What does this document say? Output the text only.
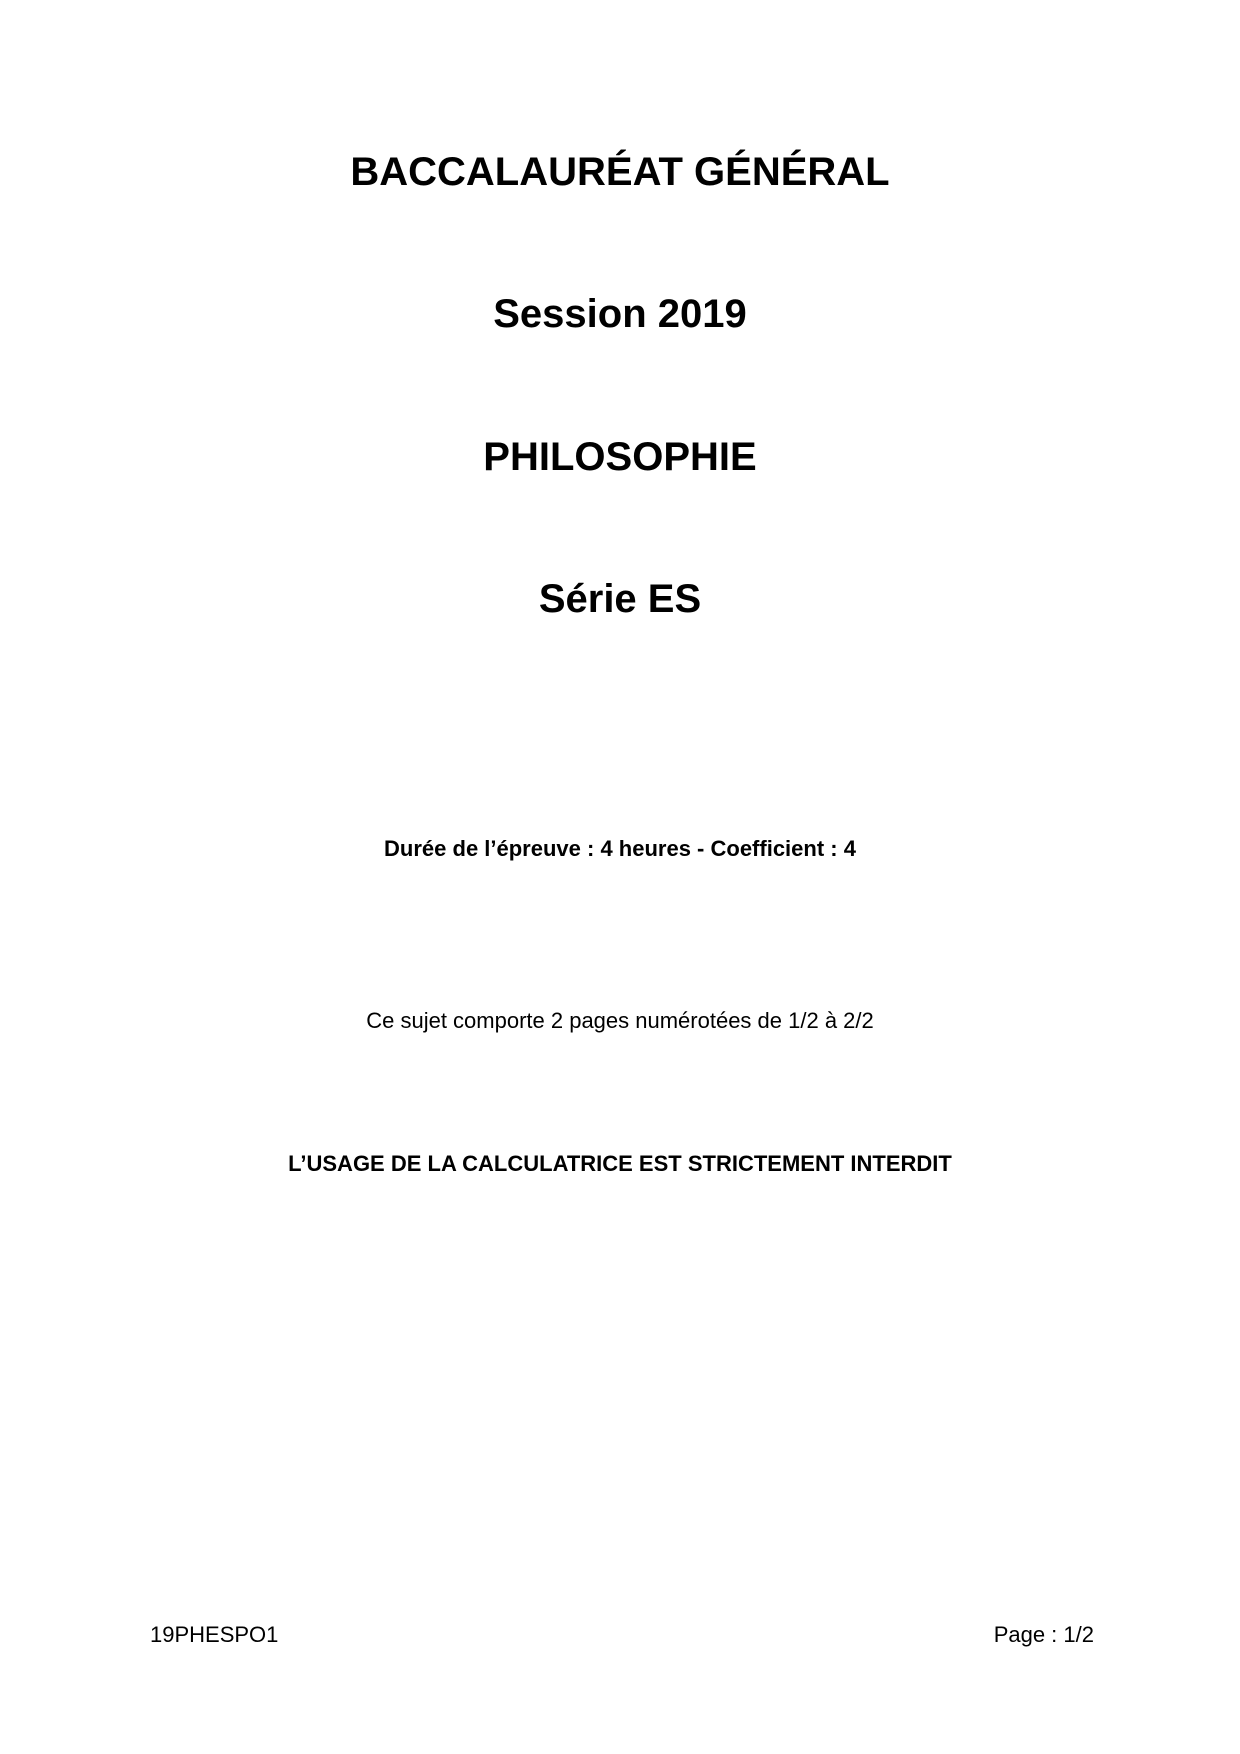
BACCALAURÉAT GÉNÉRAL
Session 2019
PHILOSOPHIE
Série ES
Durée de l’épreuve : 4 heures - Coefficient : 4
Ce sujet comporte 2 pages numérotées de 1/2 à 2/2
L’USAGE DE LA CALCULATRICE EST STRICTEMENT INTERDIT
19PHESPO1	Page : 1/2
